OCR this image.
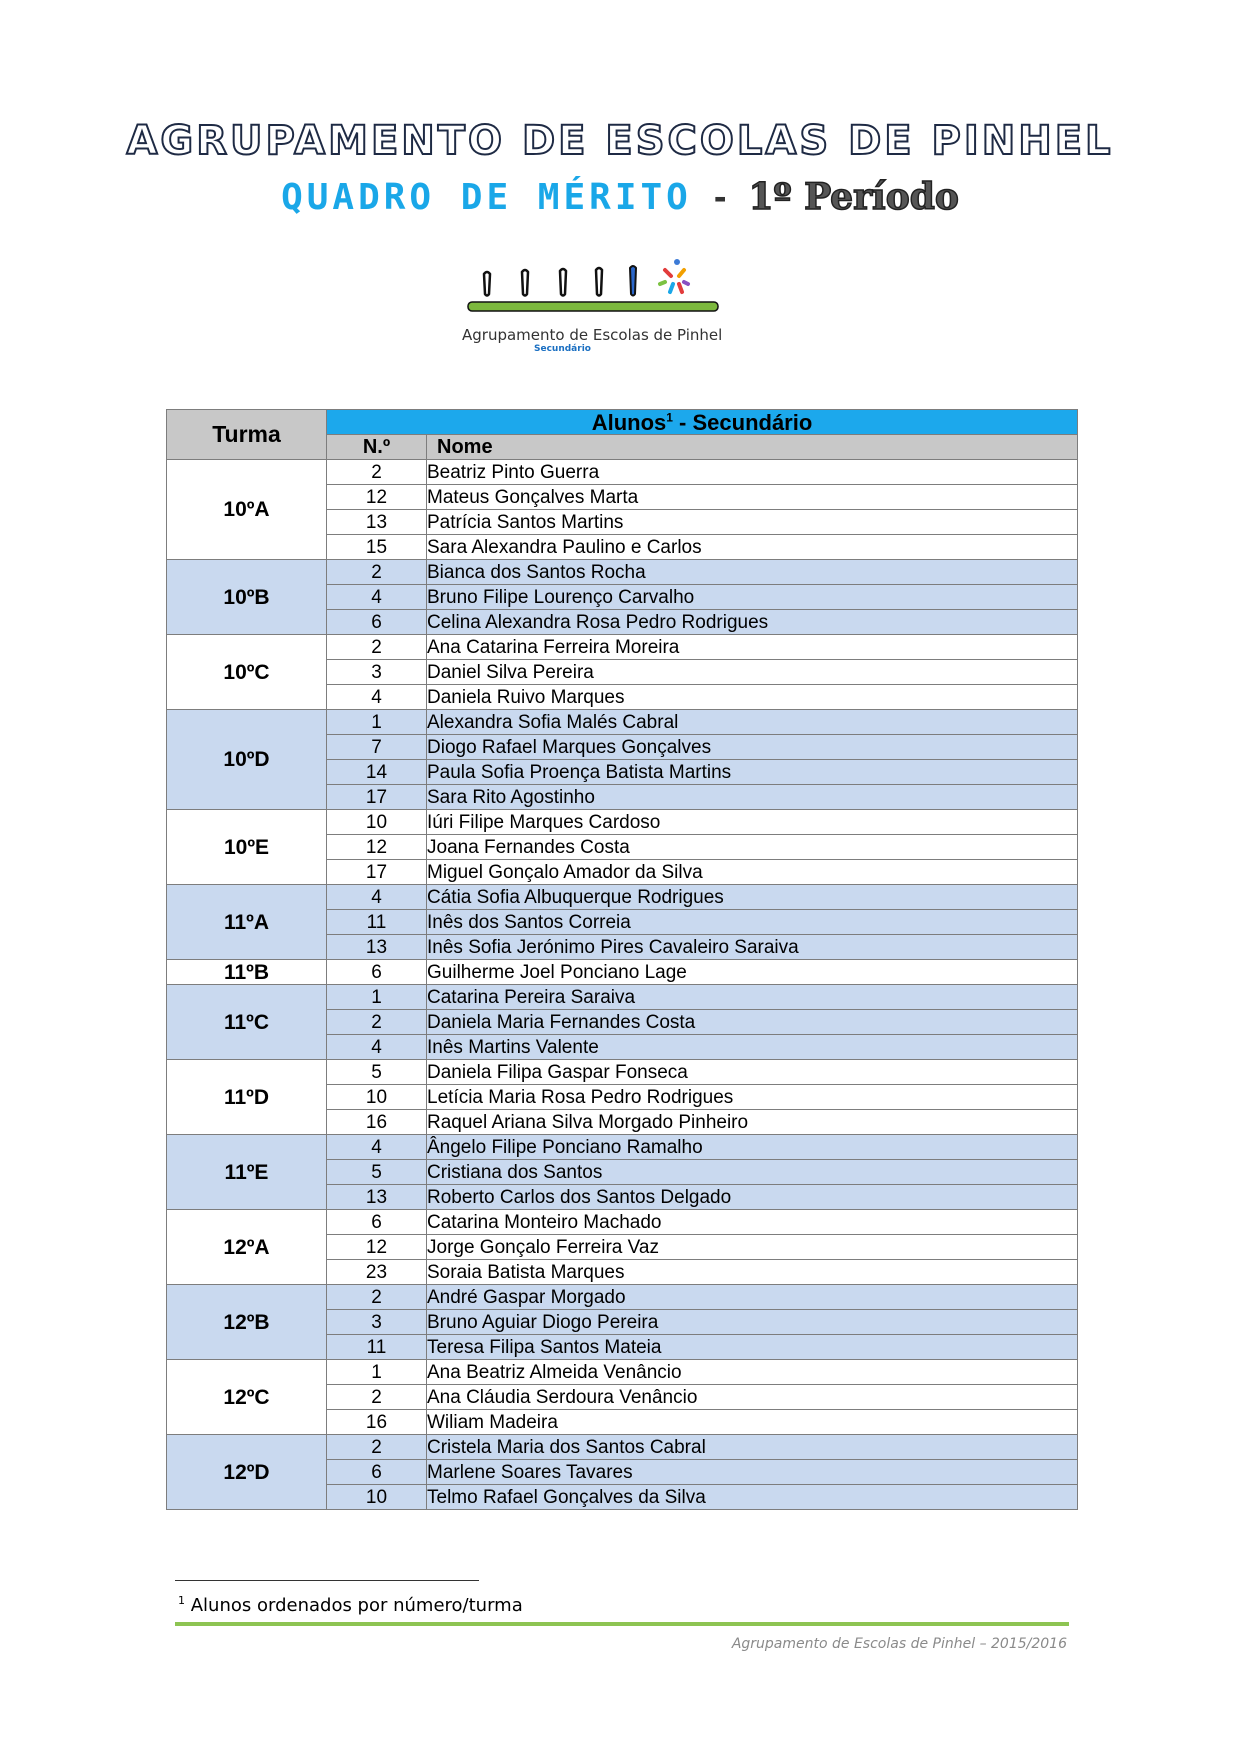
AGRUPAMENTO DE ESCOLAS DE PINHEL
QUADRO DE MÉRITO - 1º Período
Agrupamento de Escolas de Pinhel
Secundário
Turma	Alunos$^1$ - Secundário	
	N.º	Nome
10ºA	2	Beatriz Pinto Guerra
	12	Mateus Gonçalves Marta
	13	Patrícia Santos Martins
	15	Sara Alexandra Paulino e Carlos
10ºB	2	Bianca dos Santos Rocha
	4	Bruno Filipe Lourenço Carvalho
	6	Celina Alexandra Rosa Pedro Rodrigues
10ºC	2	Ana Catarina Ferreira Moreira
	3	Daniel Silva Pereira
	4	Daniela Ruivo Marques
10ºD	1	Alexandra Sofia Malés Cabral
	7	Diogo Rafael Marques Gonçalves
	14	Paula Sofia Proença Batista Martins
	17	Sara Rito Agostinho
10ºE	10	Iúri Filipe Marques Cardoso
	12	Joana Fernandes Costa
	17	Miguel Gonçalo Amador da Silva
11ºA	4	Cátia Sofia Albuquerque Rodrigues
	11	Inês dos Santos Correia
	13	Inês Sofia Jerónimo Pires Cavaleiro Saraiva
11ºB	6	Guilherme Joel Ponciano Lage
11ºC	1	Catarina Pereira Saraiva
	2	Daniela Maria Fernandes Costa
	4	Inês Martins Valente
11ºD	5	Daniela Filipa Gaspar Fonseca
	10	Letícia Maria Rosa Pedro Rodrigues
	16	Raquel Ariana Silva Morgado Pinheiro
11ºE	4	Ângelo Filipe Ponciano Ramalho
	5	Cristiana dos Santos
	13	Roberto Carlos dos Santos Delgado
12ºA	6	Catarina Monteiro Machado
	12	Jorge Gonçalo Ferreira Vaz
	23	Soraia Batista Marques
12ºB	2	André Gaspar Morgado
	3	Bruno Aguiar Diogo Pereira
	11	Teresa Filipa Santos Mateia
12ºC	1	Ana Beatriz Almeida Venâncio
	2	Ana Cláudia Serdoura Venâncio
	16	Wiliam Madeira
12ºD	2	Cristela Maria dos Santos Cabral
	6	Marlene Soares Tavares
	10	Telmo Rafael Gonçalves da Silva
$^1$ Alunos ordenados por número/turma
Agrupamento de Escolas de Pinhel – 2015/2016
